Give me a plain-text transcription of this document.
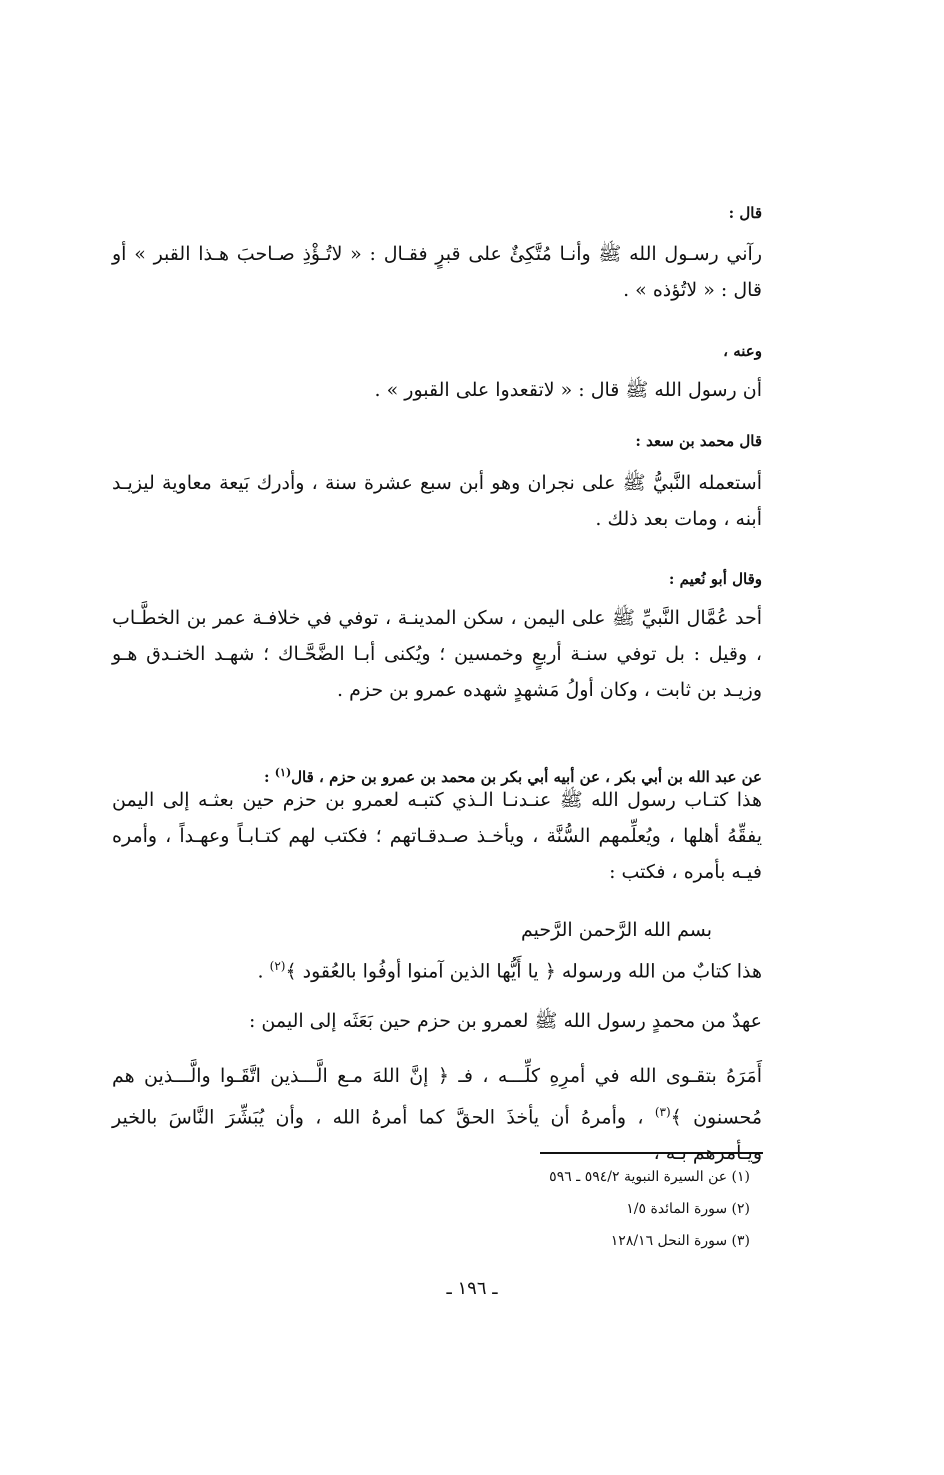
قال :
رآني رسـول الله ﷺ وأنـا مُتَّكِئٌ على قبرٍ فقـال : « لاتُـؤْذِ صـاحبَ هـذا القبر » أو قال : « لاتُؤذه » .
وعنه ،
أن رسول الله ﷺ قال : « لاتقعدوا على القبور » .
قال محمد بن سعد :
أستعمله النَّبيُّ ﷺ على نجران وهو أبن سبع عشرة سنة ، وأدرك بَيعة معاوية ليزيـد أبنه ، ومات بعد ذلك .
وقال أبو نُعيم :
أحد عُمَّال النَّبيِّ ﷺ على اليمن ، سكن المدينـة ، توفي في خلافـة عمر بن الخطَّـاب ، وقيل : بل توفي سنـة أربعٍ وخمسين ؛ ويُكنى أبـا الضَّحَّـاك ؛ شهـد الخنـدق هـو وزيـد بن ثابت ، وكان أولُ مَشهدٍ شهده عمرو بن حزم .
عن عبد الله بن أبي بكر ، عن أبيه أبي بكر بن محمد بن عمرو بن حزم ، قال$^{(١)}$ :
هذا كتـاب رسول الله ﷺ عنـدنـا الـذي كتبـه لعمرو بن حزم حين بعثـه إلى اليمن يفقِّهُ أهلها ، ويُعلِّمهم السُّنَّة ، ويأخـذ صـدقـاتهم ؛ فكتب لهم كتـابـاً وعهـداً ، وأمره فيـه بأمره ، فكتب :
بسم الله الرَّحمن الرَّحيم
هذا كتابٌ من الله ورسوله ﴿ يا أَيُّها الذين آمنوا أوفُوا بالعُقود ﴾$^{(٢)}$ .
عهدٌ من محمدٍ رسول الله ﷺ لعمرو بن حزم حين بَعَثَه إلى اليمن :
أَمَرَهُ بتقـوى الله في أمرِهِ كلِّـــه ، فـ ﴿ إنَّ اللهَ مـع الَّـــذين اتَّقَـوا والَّـــذين هم مُحسنون ﴾$^{(٣)}$ ، وأمرهُ أن يأخذَ الحقَّ كما أمرهُ الله ، وأن يُبَشِّرَ النَّاسَ بالخير ويـأمرهم بـه ،
(١) عن السيرة النبوية ٥٩٤/٢ ـ ٥٩٦
(٢) سورة المائدة ١/٥
(٣) سورة النحل ١٢٨/١٦
ـ ١٩٦ ـ
